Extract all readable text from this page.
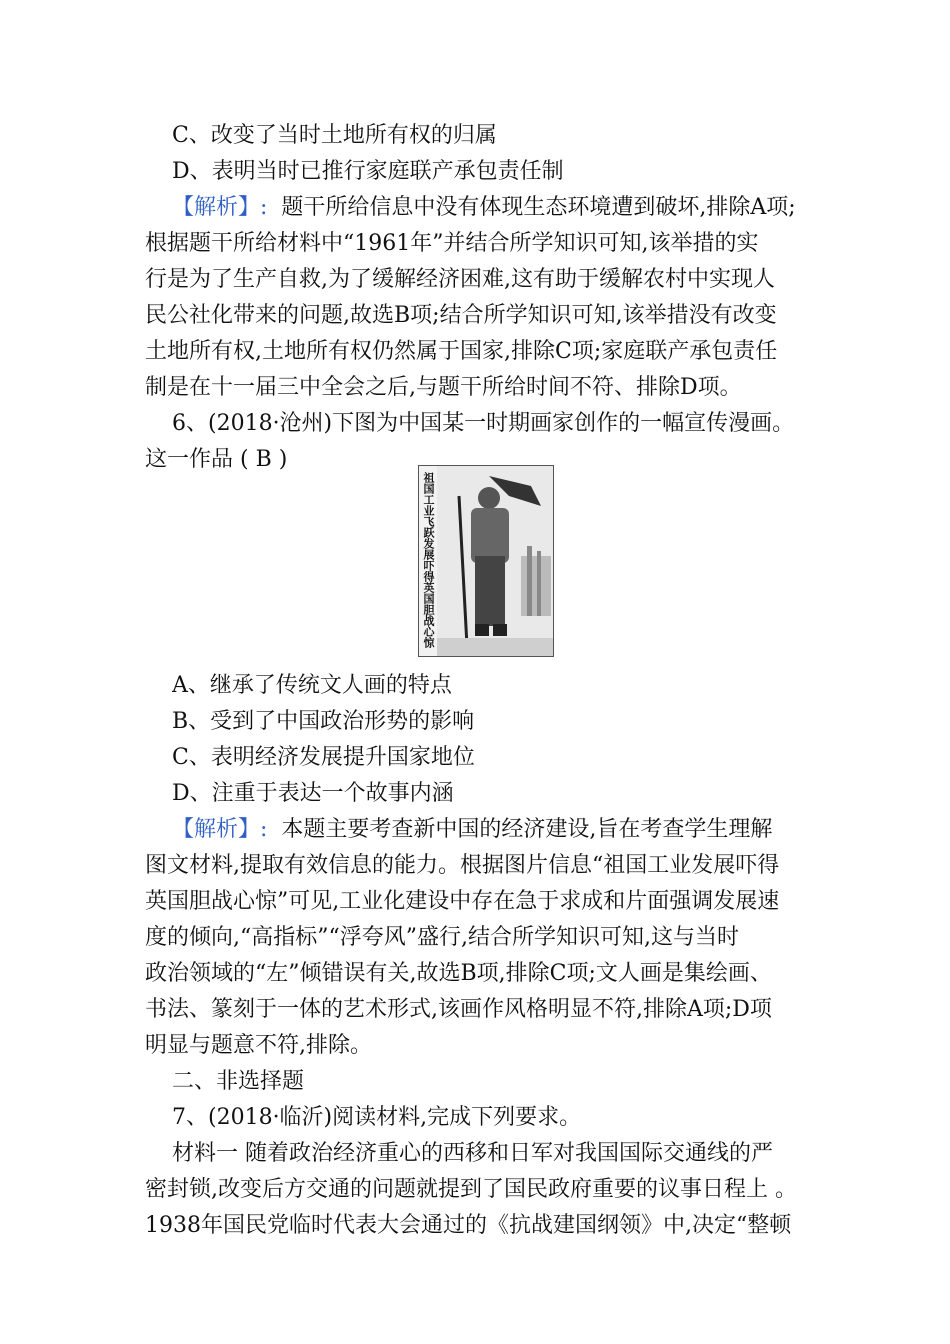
C、改变了当时土地所有权的归属
D、表明当时已推行家庭联产承包责任制
【解析】: 题干所给信息中没有体现生态环境遭到破坏,排除A项;
根据题干所给材料中“1961年”并结合所学知识可知,该举措的实
行是为了生产自救,为了缓解经济困难,这有助于缓解农村中实现人
民公社化带来的问题,故选B项;结合所学知识可知,该举措没有改变
土地所有权,土地所有权仍然属于国家,排除C项;家庭联产承包责任
制是在十一届三中全会之后,与题干所给时间不符、排除D项。
6、(2018·沧州)下图为中国某一时期画家创作的一幅宣传漫画。
这一作品 ( B )
祖国工业飞跃发展吓得英国胆战心惊
A、继承了传统文人画的特点
B、受到了中国政治形势的影响
C、表明经济发展提升国家地位
D、注重于表达一个故事内涵
【解析】: 本题主要考查新中国的经济建设,旨在考查学生理解
图文材料,提取有效信息的能力。根据图片信息“祖国工业发展吓得
英国胆战心惊”可见,工业化建设中存在急于求成和片面强调发展速
度的倾向,“高指标”“浮夸风”盛行,结合所学知识可知,这与当时
政治领域的“左”倾错误有关,故选B项,排除C项;文人画是集绘画、
书法、篆刻于一体的艺术形式,该画作风格明显不符,排除A项;D项
明显与题意不符,排除。
二、非选择题
7、(2018·临沂)阅读材料,完成下列要求。
材料一 随着政治经济重心的西移和日军对我国国际交通线的严
密封锁,改变后方交通的问题就提到了国民政府重要的议事日程上 。
1938年国民党临时代表大会通过的《抗战建国纲领》中,决定“整顿
